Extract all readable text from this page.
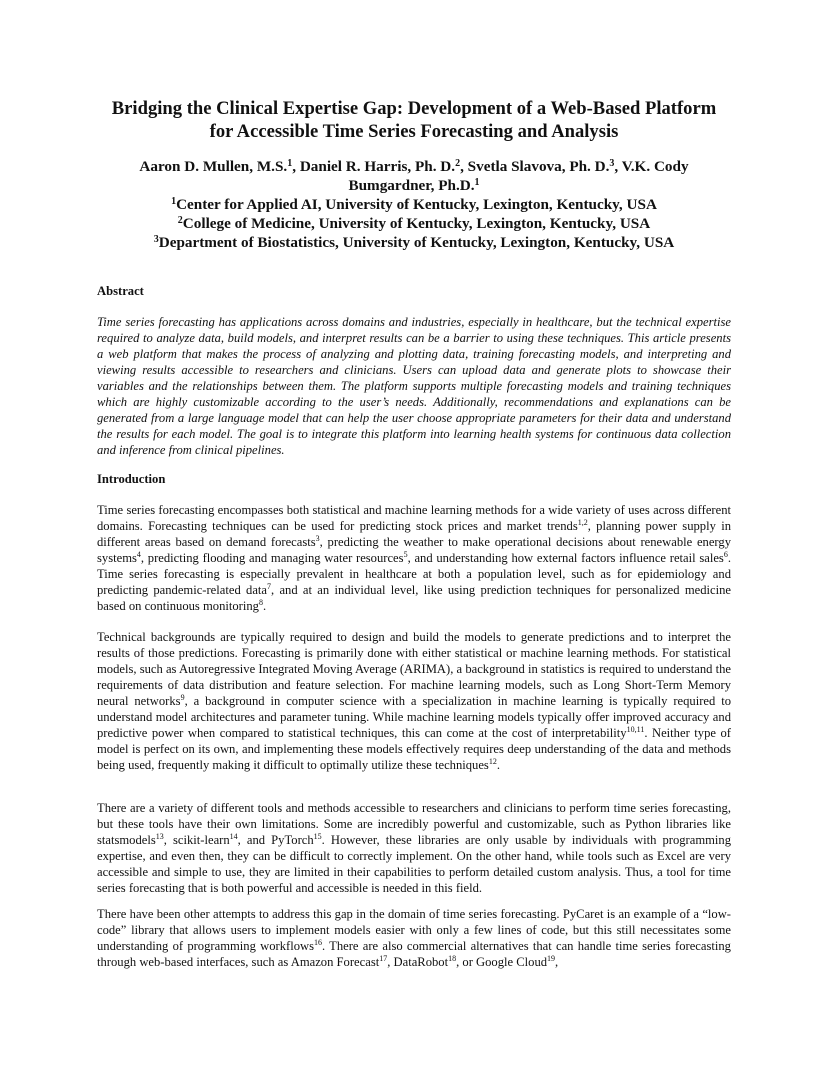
Bridging the Clinical Expertise Gap: Development of a Web-Based Platform
for Accessible Time Series Forecasting and Analysis
Aaron D. Mullen, M.S.$^1$, Daniel R. Harris, Ph. D.$^2$, Svetla Slavova, Ph. D.$^3$, V.K. Cody Bumgardner, Ph.D.$^1$
$^1$Center for Applied AI, University of Kentucky, Lexington, Kentucky, USA
$^2$College of Medicine, University of Kentucky, Lexington, Kentucky, USA
$^3$Department of Biostatistics, University of Kentucky, Lexington, Kentucky, USA
Abstract

Time series forecasting has applications across domains and industries, especially in healthcare, but the technical expertise required to analyze data, build models, and interpret results can be a barrier to using these techniques. This article presents a web platform that makes the process of analyzing and plotting data, training forecasting models, and interpreting and viewing results accessible to researchers and clinicians. Users can upload data and generate plots to showcase their variables and the relationships between them. The platform supports multiple forecasting models and training techniques which are highly customizable according to the user’s needs. Additionally, recommendations and explanations can be generated from a large language model that can help the user choose appropriate parameters for their data and understand the results for each model. The goal is to integrate this platform into learning health systems for continuous data collection and inference from clinical pipelines.

Introduction

Time series forecasting encompasses both statistical and machine learning methods for a wide variety of uses across different domains. Forecasting techniques can be used for predicting stock prices and market trends$^{1,2}$, planning power supply in different areas based on demand forecasts$^3$, predicting the weather to make operational decisions about renewable energy systems$^4$, predicting flooding and managing water resources$^5$, and understanding how external factors influence retail sales$^6$. Time series forecasting is especially prevalent in healthcare at both a population level, such as for epidemiology and predicting pandemic-related data$^7$, and at an individual level, like using prediction techniques for personalized medicine based on continuous monitoring$^8$.

Technical backgrounds are typically required to design and build the models to generate predictions and to interpret the results of those predictions. Forecasting is primarily done with either statistical or machine learning methods. For statistical models, such as Autoregressive Integrated Moving Average (ARIMA), a background in statistics is required to understand the requirements of data distribution and feature selection. For machine learning models, such as Long Short-Term Memory neural networks$^9$, a background in computer science with a specialization in machine learning is typically required to understand model architectures and parameter tuning. While machine learning models typically offer improved accuracy and predictive power when compared to statistical techniques, this can come at the cost of interpretability$^{10,11}$. Neither type of model is perfect on its own, and implementing these models effectively requires deep understanding of the data and methods being used, frequently making it difficult to optimally utilize these techniques$^{12}$.

There are a variety of different tools and methods accessible to researchers and clinicians to perform time series forecasting, but these tools have their own limitations. Some are incredibly powerful and customizable, such as Python libraries like statsmodels$^{13}$, scikit-learn$^{14}$, and PyTorch$^{15}$. However, these libraries are only usable by individuals with programming expertise, and even then, they can be difficult to correctly implement. On the other hand, while tools such as Excel are very accessible and simple to use, they are limited in their capabilities to perform detailed custom analysis. Thus, a tool for time series forecasting that is both powerful and accessible is needed in this field.

There have been other attempts to address this gap in the domain of time series forecasting. PyCaret is an example of a “low-code” library that allows users to implement models easier with only a few lines of code, but this still necessitates some understanding of programming workflows$^{16}$. There are also commercial alternatives that can handle time series forecasting through web-based interfaces, such as Amazon Forecast$^{17}$, DataRobot$^{18}$, or Google Cloud$^{19}$,
